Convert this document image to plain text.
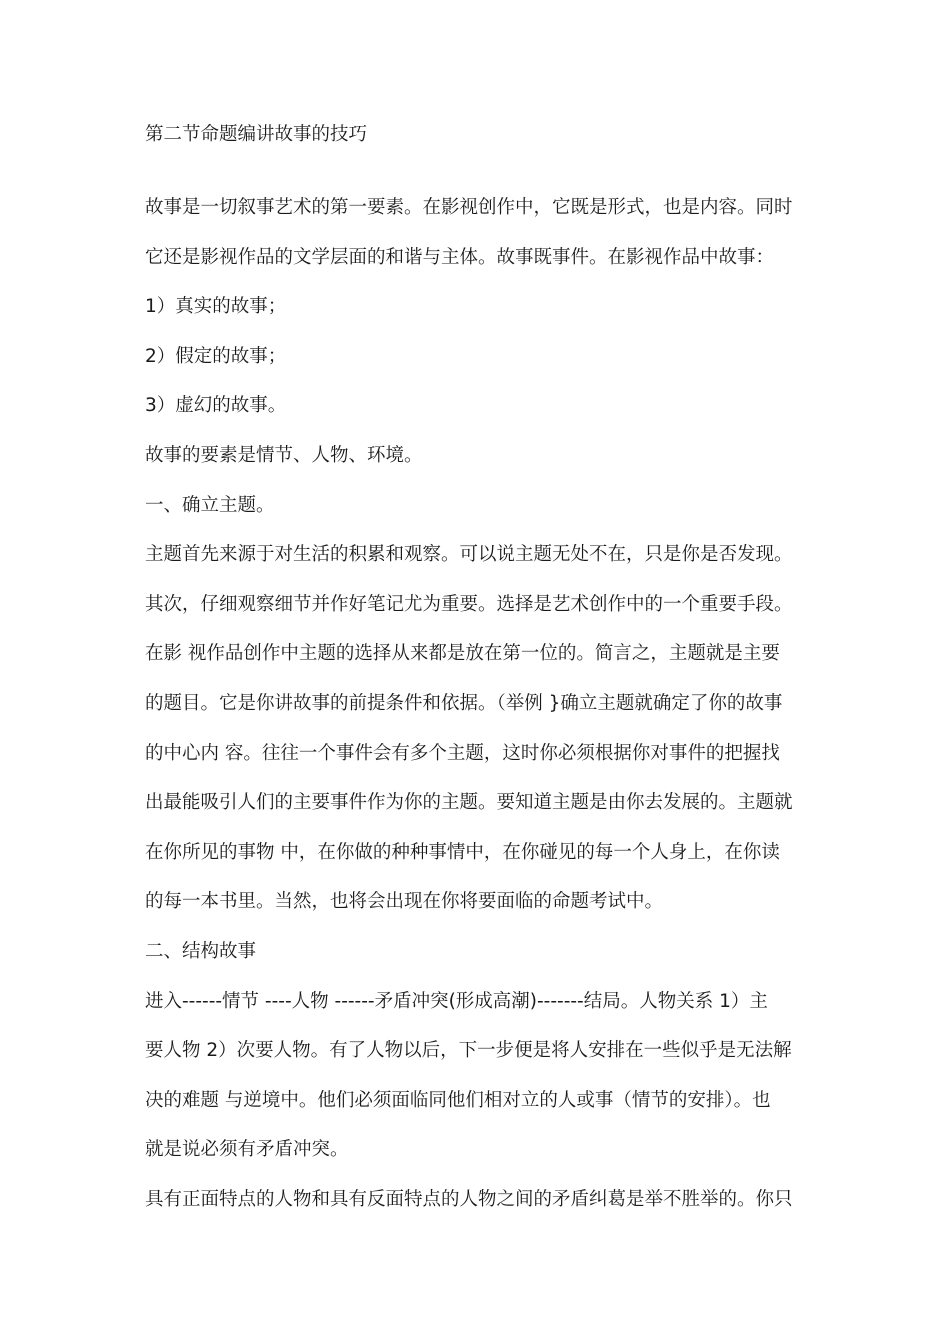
第二节命题编讲故事的技巧
故事是一切叙事艺术的第一要素。在影视创作中，它既是形式，也是内容。同时
它还是影视作品的文学层面的和谐与主体。故事既事件。在影视作品中故事：
1）真实的故事；
2）假定的故事；
3）虚幻的故事。
故事的要素是情节、人物、环境。
一、确立主题。
主题首先来源于对生活的积累和观察。可以说主题无处不在，只是你是否发现。
其次，仔细观察细节并作好笔记尤为重要。选择是艺术创作中的一个重要手段。
在影 视作品创作中主题的选择从来都是放在第一位的。简言之，主题就是主要
的题目。它是你讲故事的前提条件和依据。（举例 }确立主题就确定了你的故事
的中心内 容。往往一个事件会有多个主题，这时你必须根据你对事件的把握找
出最能吸引人们的主要事件作为你的主题。要知道主题是由你去发展的。主题就
在你所见的事物 中，在你做的种种事情中，在你碰见的每一个人身上，在你读
的每一本书里。当然，也将会出现在你将要面临的命题考试中。
二、结构故事
进入------情节 ----人物 ------矛盾冲突(形成高潮)-------结局。人物关系 1）主
要人物 2）次要人物。有了人物以后，下一步便是将人安排在一些似乎是无法解
决的难题 与逆境中。他们必须面临同他们相对立的人或事（情节的安排）。也
就是说必须有矛盾冲突。
具有正面特点的人物和具有反面特点的人物之间的矛盾纠葛是举不胜举的。你只
